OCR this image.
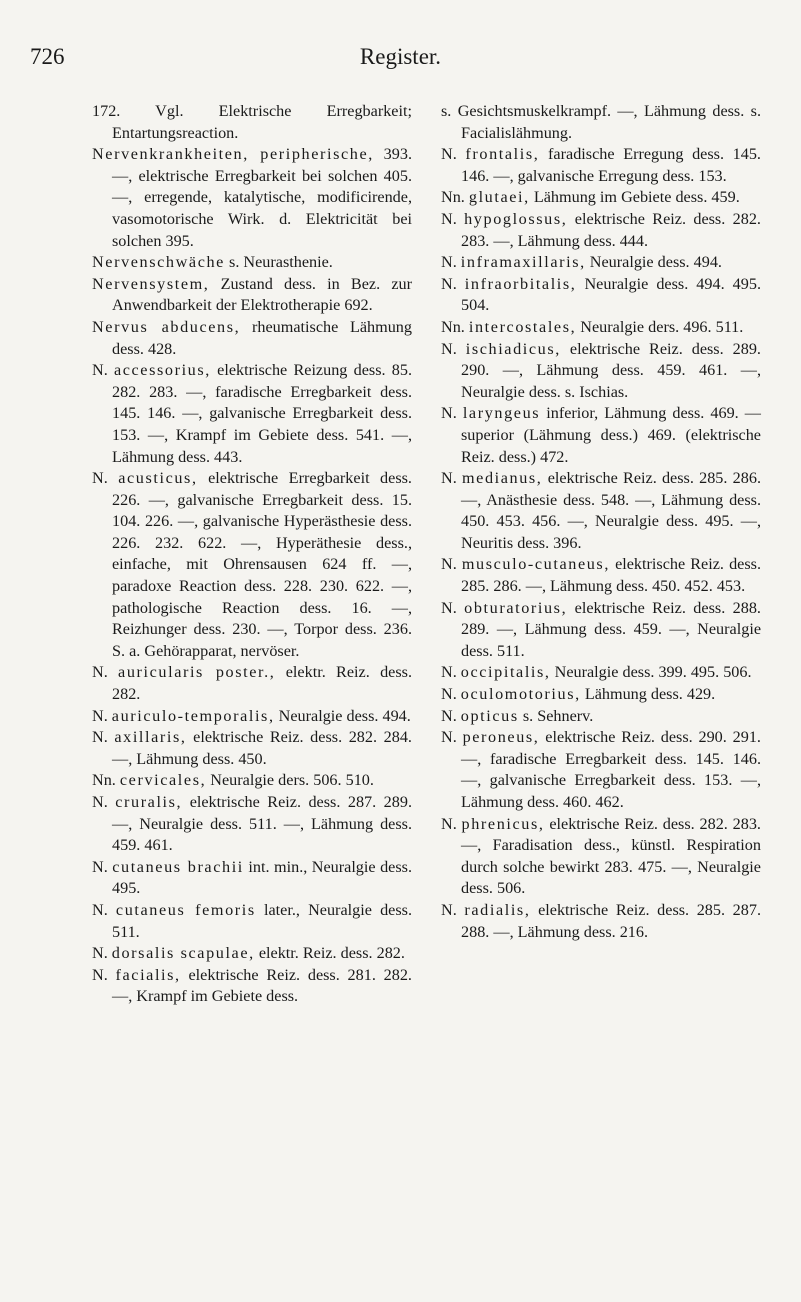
726	Register.

172. Vgl. Elektrische Erregbarkeit; Entartungsreaction.

Nervenkrankheiten, peripherische, 393. —, elektrische Erregbarkeit bei solchen 405. —, erregende, katalytische, modificirende, vasomotorische Wirk. d. Elektricität bei solchen 395.

Nervenschwäche s. Neurasthenie.

Nervensystem, Zustand dess. in Bez. zur Anwendbarkeit der Elektrotherapie 692.

Nervus abducens, rheumatische Lähmung dess. 428.

N. accessorius, elektrische Reizung dess. 85. 282. 283. —, faradische Erregbarkeit dess. 145. 146. —, galvanische Erregbarkeit dess. 153. —, Krampf im Gebiete dess. 541. —, Lähmung dess. 443.

N. acusticus, elektrische Erregbarkeit dess. 226. —, galvanische Erregbarkeit dess. 15. 104. 226. —, galvanische Hyperästhesie dess. 226. 232. 622. —, Hyperäthesie dess., einfache, mit Ohrensausen 624 ff. —, paradoxe Reaction dess. 228. 230. 622. —, pathologische Reaction dess. 16. —, Reizhunger dess. 230. —, Torpor dess. 236. S. a. Gehörapparat, nervöser.

N. auricularis poster., elektr. Reiz. dess. 282.

N. auriculo-temporalis, Neuralgie dess. 494.

N. axillaris, elektrische Reiz. dess. 282. 284. —, Lähmung dess. 450.

Nn. cervicales, Neuralgie ders. 506. 510.

N. cruralis, elektrische Reiz. dess. 287. 289. —, Neuralgie dess. 511. —, Lähmung dess. 459. 461.

N. cutaneus brachii int. min., Neuralgie dess. 495.

N. cutaneus femoris later., Neuralgie dess. 511.

N. dorsalis scapulae, elektr. Reiz. dess. 282.

N. facialis, elektrische Reiz. dess. 281. 282. —, Krampf im Gebiete dess.

s. Gesichtsmuskelkrampf. —, Lähmung dess. s. Facialislähmung.

N. frontalis, faradische Erregung dess. 145. 146. —, galvanische Erregung dess. 153.

Nn. glutaei, Lähmung im Gebiete dess. 459.

N. hypoglossus, elektrische Reiz. dess. 282. 283. —, Lähmung dess. 444.

N. inframaxillaris, Neuralgie dess. 494.

N. infraorbitalis, Neuralgie dess. 494. 495. 504.

Nn. intercostales, Neuralgie ders. 496. 511.

N. ischiadicus, elektrische Reiz. dess. 289. 290. —, Lähmung dess. 459. 461. —, Neuralgie dess. s. Ischias.

N. laryngeus inferior, Lähmung dess. 469. — superior (Lähmung dess.) 469. (elektrische Reiz. dess.) 472.

N. medianus, elektrische Reiz. dess. 285. 286. —, Anästhesie dess. 548. —, Lähmung dess. 450. 453. 456. —, Neuralgie dess. 495. —, Neuritis dess. 396.

N. musculo-cutaneus, elektrische Reiz. dess. 285. 286. —, Lähmung dess. 450. 452. 453.

N. obturatorius, elektrische Reiz. dess. 288. 289. —, Lähmung dess. 459. —, Neuralgie dess. 511.

N. occipitalis, Neuralgie dess. 399. 495. 506.

N. oculomotorius, Lähmung dess. 429.

N. opticus s. Sehnerv.

N. peroneus, elektrische Reiz. dess. 290. 291. —, faradische Erregbarkeit dess. 145. 146. —, galvanische Erregbarkeit dess. 153. —, Lähmung dess. 460. 462.

N. phrenicus, elektrische Reiz. dess. 282. 283. —, Faradisation dess., künstl. Respiration durch solche bewirkt 283. 475. —, Neuralgie dess. 506.

N. radialis, elektrische Reiz. dess. 285. 287. 288. —, Lähmung dess. 216.
